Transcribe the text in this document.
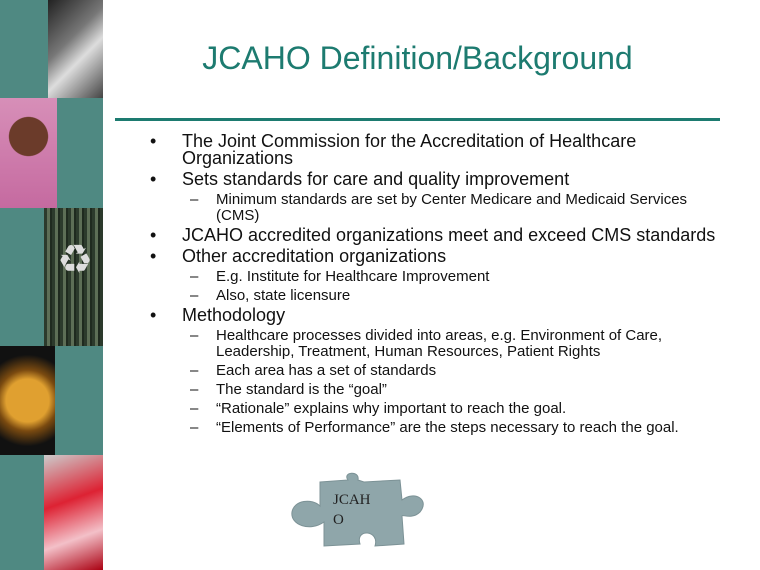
♻
JCAHO Definition/Background
• The Joint Commission for the Accreditation of Healthcare Organizations
• Sets standards for care and quality improvement
– Minimum standards are set by Center Medicare and Medicaid Services (CMS)
• JCAHO accredited organizations meet and exceed CMS standards
• Other accreditation organizations
– E.g. Institute for Healthcare Improvement
– Also, state licensure
• Methodology
– Healthcare processes divided into areas, e.g. Environment of Care, Leadership, Treatment, Human Resources, Patient Rights
– Each area has a set of standards
– The standard is the “goal”
– “Rationale” explains why important to reach the goal.
– “Elements of Performance” are the steps necessary to reach the goal.
JCAH O
